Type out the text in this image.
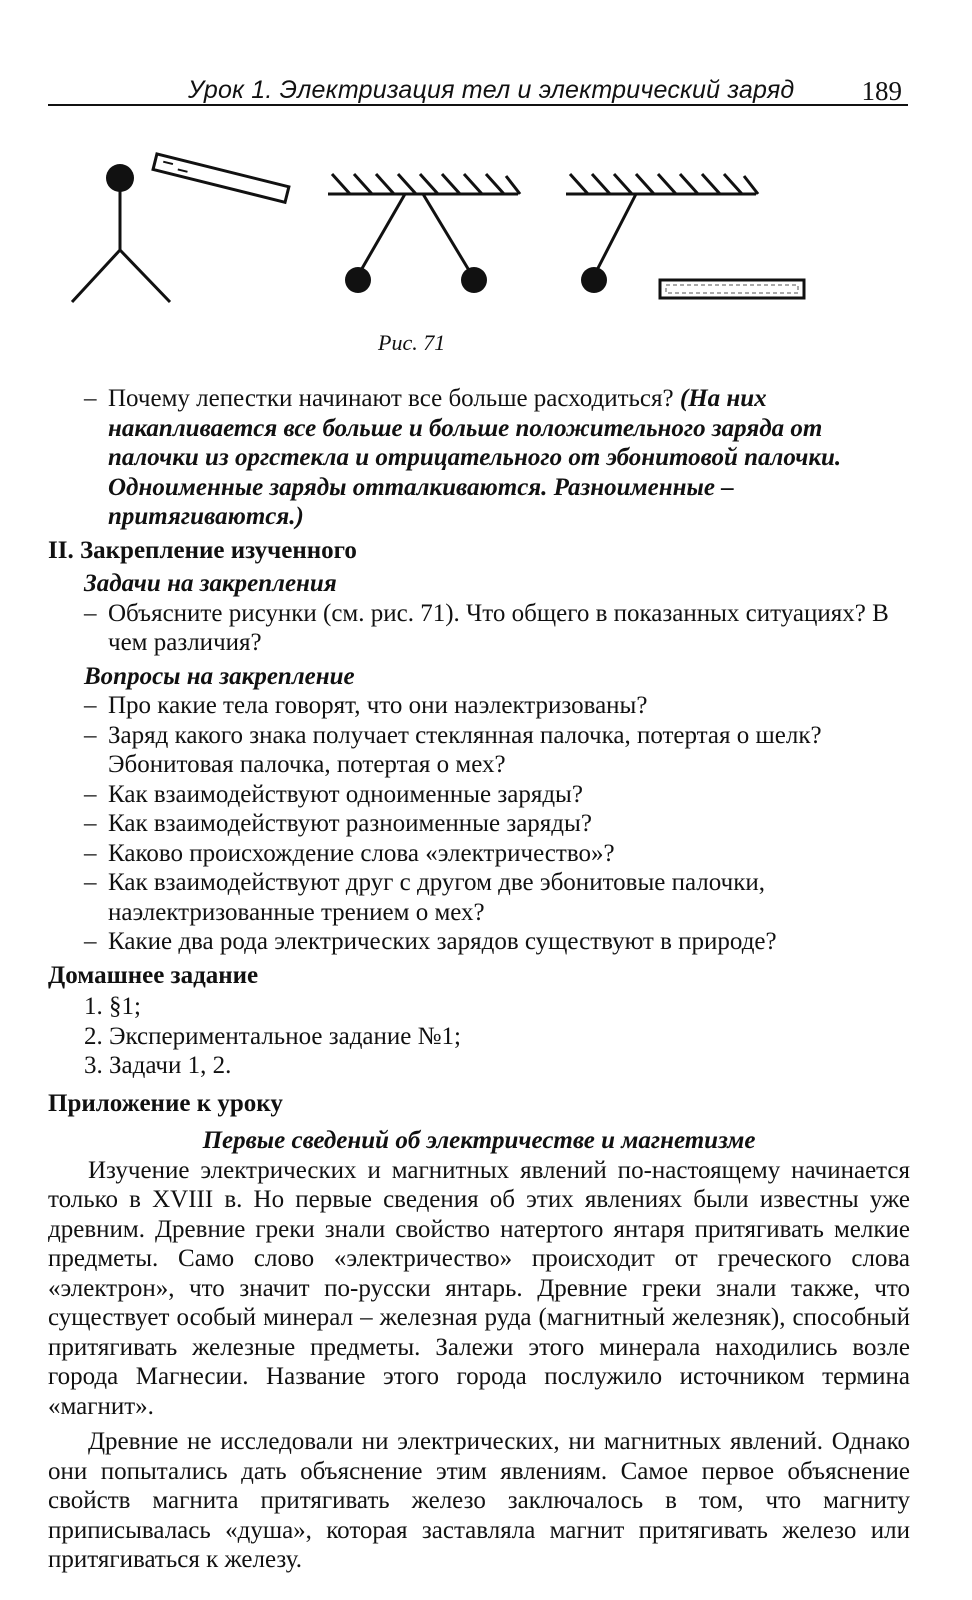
Урок 1. Электризация тел и электрический заряд 189
Рис. 71
– Почему лепестки начинают все больше расходиться? (На них накапливается все больше и больше положительного заряда от палочки из оргстекла и отрицательного от эбонитовой палочки. Одноименные заряды отталкиваются. Разноименные – притягиваются.)
II. Закрепление изученного
Задачи на закрепления
– Объясните рисунки (см. рис. 71). Что общего в показанных ситуациях? В чем различия?
Вопросы на закрепление
– Про какие тела говорят, что они наэлектризованы?
– Заряд какого знака получает стеклянная палочка, потертая о шелк? Эбонитовая палочка, потертая о мех?
– Как взаимодействуют одноименные заряды?
– Как взаимодействуют разноименные заряды?
– Каково происхождение слова «электричество»?
– Как взаимодействуют друг с другом две эбонитовые палочки, наэлектризованные трением о мех?
– Какие два рода электрических зарядов существуют в природе?
Домашнее задание
1. §1;
2. Экспериментальное задание №1;
3. Задачи 1, 2.
Приложение к уроку
Первые сведений об электричестве и магнетизме

Изучение электрических и магнитных явлений по-настоящему начинается только в XVIII в. Но первые сведения об этих явлениях были известны уже древним. Древние греки знали свойство натертого янтаря притягивать мелкие предметы. Само слово «электричество» происходит от греческого слова «электрон», что значит по-русски янтарь. Древние греки знали также, что существует особый минерал – железная руда (магнитный железняк), способный притягивать железные предметы. Залежи этого минерала находились возле города Магнесии. Название этого города послужило источником термина «магнит».

Древние не исследовали ни электрических, ни магнитных явлений. Однако они попытались дать объяснение этим явлениям. Самое первое объяснение свойств магнита притягивать железо заключалось в том, что магниту приписывалась «душа», которая заставляла магнит притягивать железо или притягиваться к железу.
